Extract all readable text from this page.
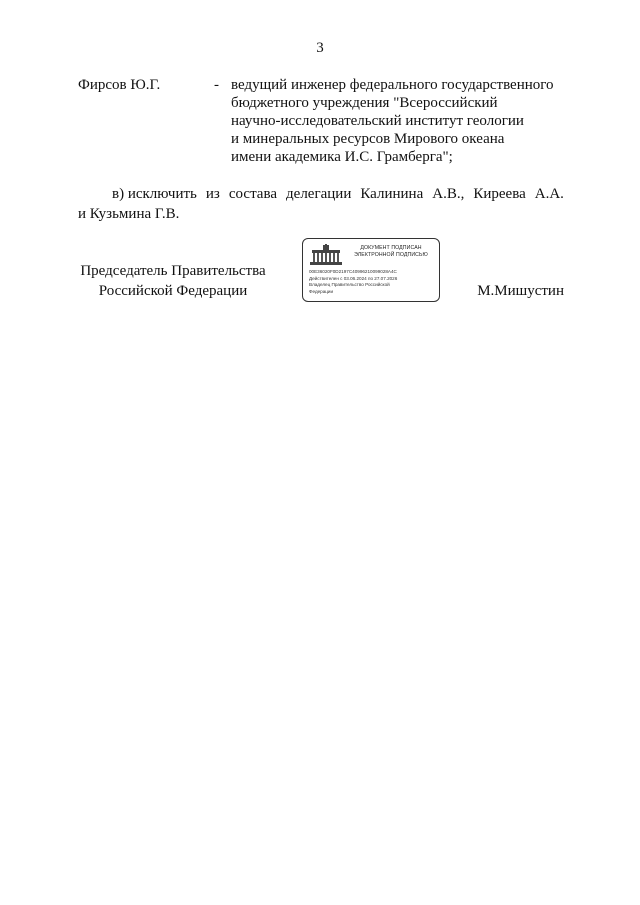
3
Фирсов Ю.Г.	- ведущий инженер федерального государственного
бюджетного учреждения "Всероссийский
научно-исследовательский институт геологии
и минеральных ресурсов Мирового океана
имени академика И.С. Грамберга";
в) исключить из состава делегации Калинина А.В., Киреева А.А.
и Кузьмина Г.В.
Председатель Правительства
Российской Федерации
ДОКУМЕНТ ПОДПИСАН
ЭЛЕКТРОННОЙ ПОДПИСЬЮ
00E36020F0D2197C40996210099028A4C
Действителен с 03.06.2024 по 27.07.2026
Владелец Правительство Российской
Федерации	М.Мишустин
